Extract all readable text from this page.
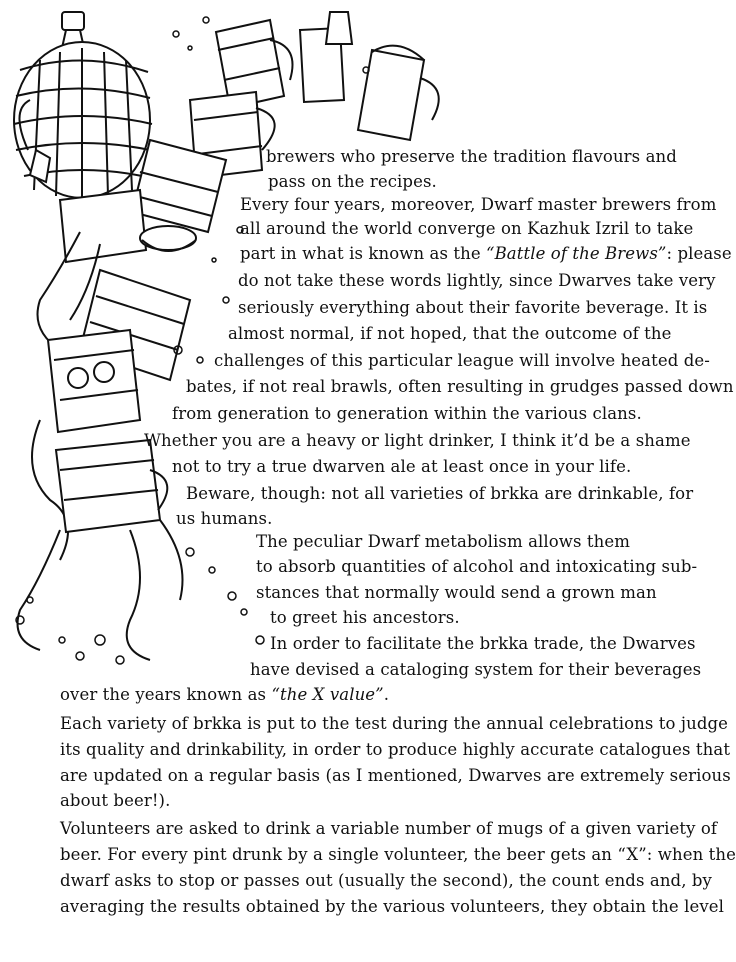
brewers who preserve the tradition flavours and
pass on the recipes.
Every four years, moreover, Dwarf master brewers from
all around the world converge on Kazhuk Izril to take
part in what is known as the “Battle of the Brews”: please
do not take these words lightly, since Dwarves take very
seriously everything about their favorite beverage. It is
almost normal, if not hoped, that the outcome of the
challenges of this particular league will involve heated de-
bates, if not real brawls, often resulting in grudges passed down
from generation to generation within the various clans.
Whether you are a heavy or light drinker, I think it’d be a shame
not to try a true dwarven ale at least once in your life.
Beware, though: not all varieties of brkka are drinkable, for
us humans.
The peculiar Dwarf metabolism allows them
to absorb quantities of alcohol and intoxicating sub-
stances that normally would send a grown man
to greet his ancestors.
In order to facilitate the brkka trade, the Dwarves
have devised a cataloging system for their beverages
over the years known as “the X value”.
Each variety of brkka is put to the test during the annual celebrations to judge
its quality and drinkability, in order to produce highly accurate catalogues that
are updated on a regular basis (as I mentioned, Dwarves are extremely serious
about beer!).
Volunteers are asked to drink a variable number of mugs of a given variety of
beer. For every pint drunk by a single volunteer, the beer gets an “X”: when the
dwarf asks to stop or passes out (usually the second), the count ends and, by
averaging the results obtained by the various volunteers, they obtain the level
